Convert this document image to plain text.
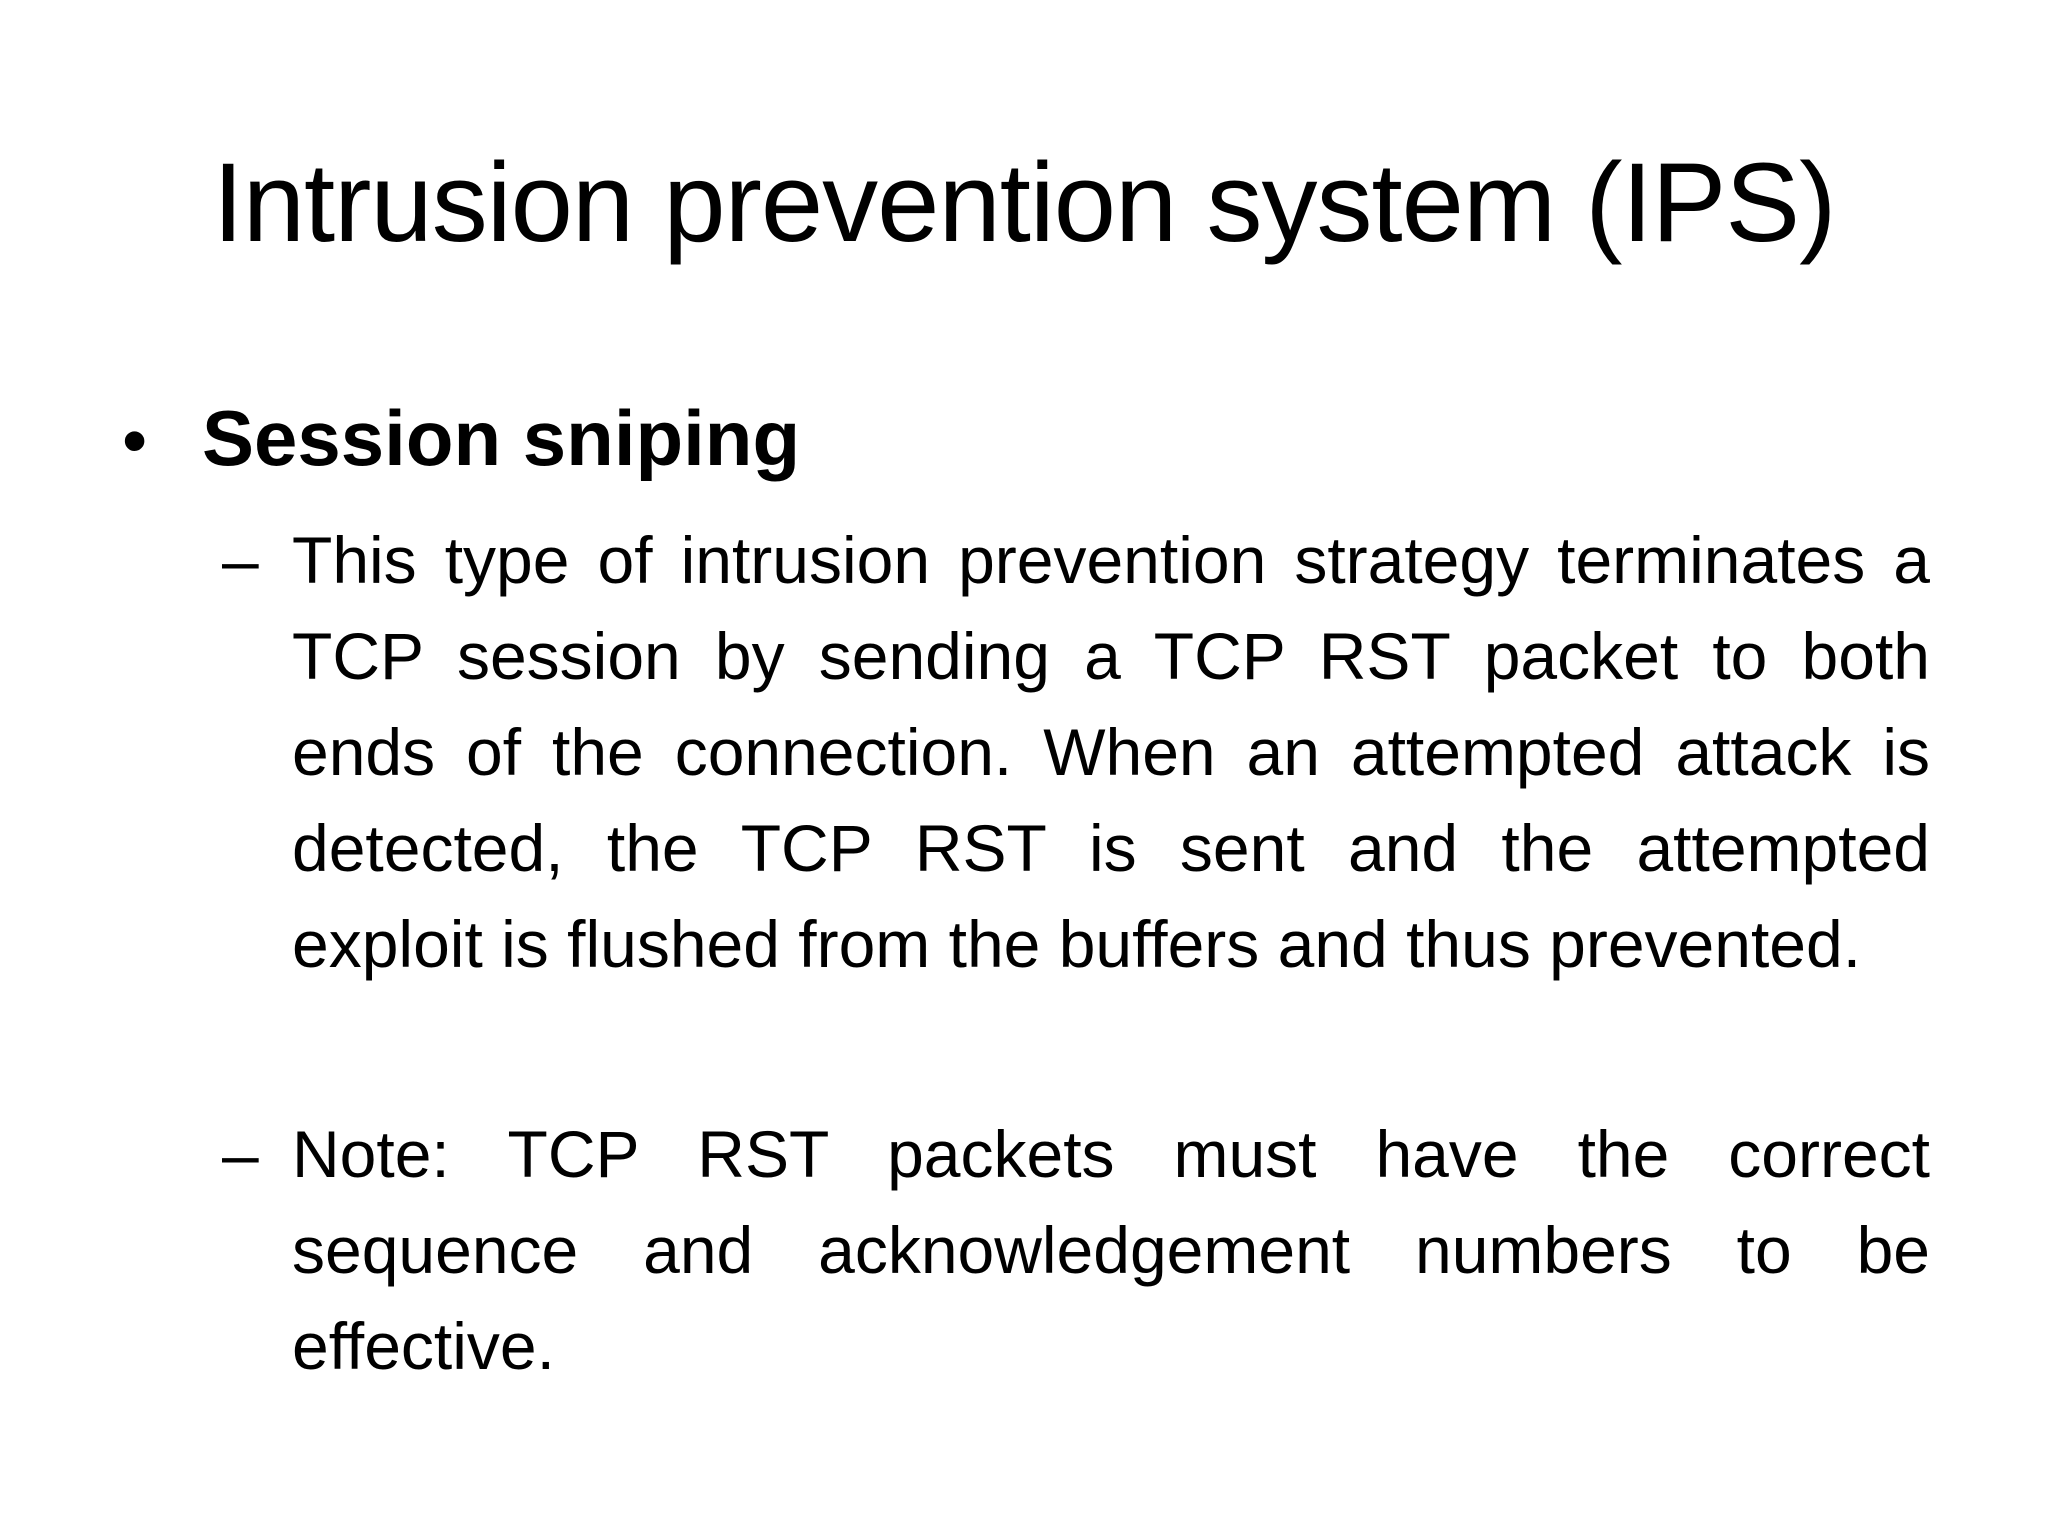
Intrusion prevention system (IPS)
• Session sniping
– This type of intrusion prevention strategy terminates a TCP session by sending a TCP RST packet to both ends of the connection. When an attempted attack is detected, the TCP RST is sent and the attempted exploit is flushed from the buffers and thus prevented.

– Note: TCP RST packets must have the correct sequence and acknowledgement numbers to be effective.
